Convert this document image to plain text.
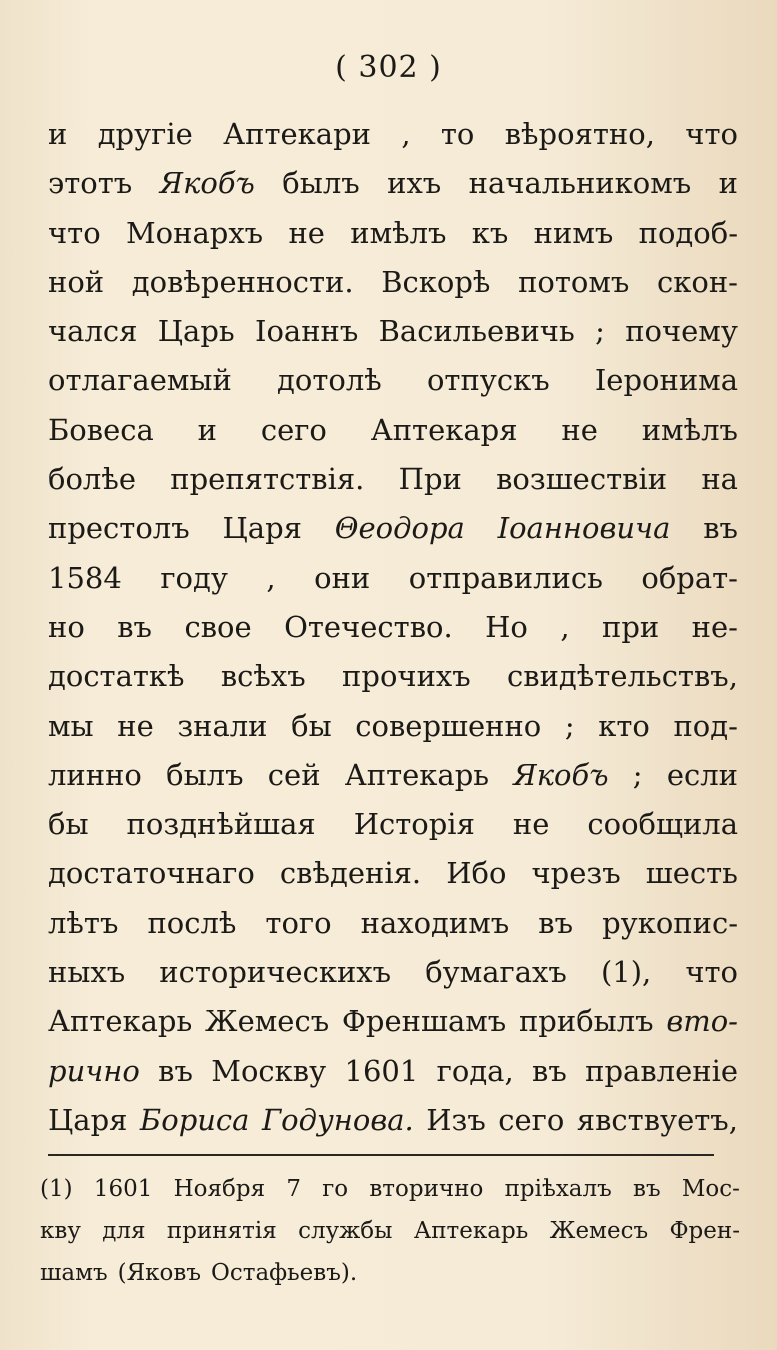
( 302 )
и другіе Аптекари , то вѣроятно, что
этотъ Якобъ былъ ихъ начальникомъ и
что Монархъ не имѣлъ къ нимъ подоб-
ной довѣренности. Вскорѣ потомъ скон-
чался Царь Іоаннъ Васильевичь ; почему
отлагаемый дотолѣ отпускъ Іеронима
Бовеса и сего Аптекаря не имѣлъ
болѣе препятствія. При возшествіи на
престолъ Царя Θеодора Іоанновича въ
1584 году , они отправились обрат-
но въ свое Отечество. Но , при не-
достаткѣ всѣхъ прочихъ свидѣтельствъ,
мы не знали бы совершенно ; кто под-
линно былъ сей Аптекарь Якобъ ; если
бы позднѣйшая Исторія не сообщила
достаточнаго свѣденія. Ибо чрезъ шесть
лѣтъ послѣ того находимъ въ рукопис-
ныхъ историческихъ бумагахъ (1), что
Аптекарь Жемесъ Френшамъ прибылъ вто-
рично въ Москву 1601 года, въ правленіе
Царя Бориса Годунова. Изъ сего явствуетъ,
(1) 1601 Ноября 7 го вторично пріѣхалъ въ Мос-
кву для принятія службы Аптекарь Жемесъ Френ-
шамъ (Яковъ Остафьевъ).
